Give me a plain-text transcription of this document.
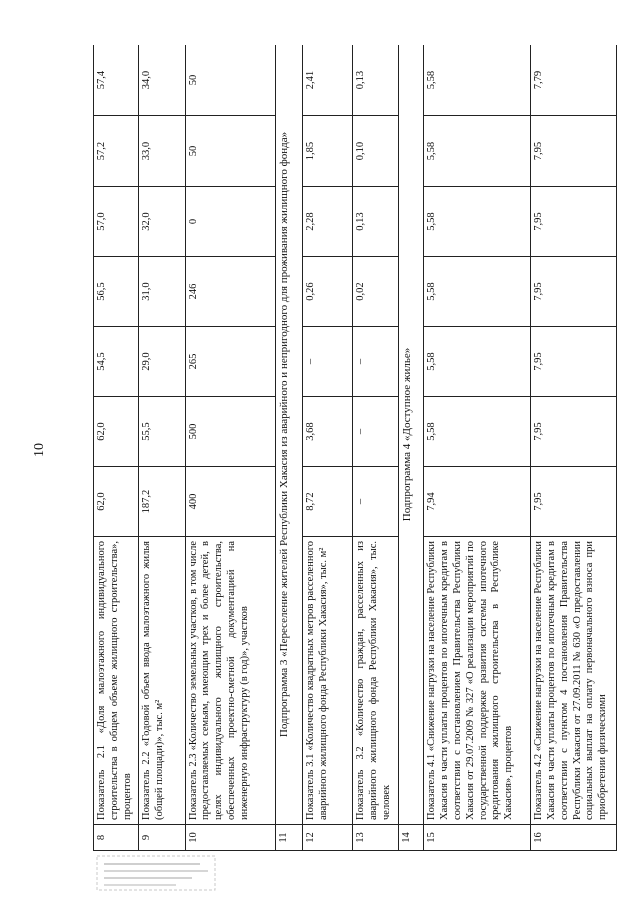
10
8	Показатель 2.1 «Доля малоэтажного индивидуального строительства в общем объеме жилищного строительства», процентов	62,0	62,0	54,5	56,5	57,0	57,2	57,4
9	Показатель 2.2 «Годовой объем ввода малоэтажного жилья (общей площади)», тыс. м²	187,2	55,5	29,0	31,0	32,0	33,0	34,0
10	Показатель 2.3 «Количество земельных участков, в том числе предоставляемых семьям, имеющим трех и более детей, в целях индивидуального жилищного строительства, обеспеченных проектно-сметной документацией на инженерную инфраструктуру (в год)», участков	400	500	265	246	0	50	50
11	Подпрограмма 3 «Переселение жителей Республики Хакасия из аварийного и непригодного для проживания жилищного фонда»							
12	Показатель 3.1 «Количество квадратных метров расселенного аварийного жилищного фонда Республики Хакасия», тыс. м²	8,72	3,68	–	0,26	2,28	1,85	2,41
13	Показатель 3.2 «Количество граждан, расселенных из аварийного жилищного фонда Республики Хакасия», тыс. человек	–	–	–	0,02	0,13	0,10	0,13
14	Подпрограмма 4 «Доступное жилье»							
15	Показатель 4.1 «Снижение нагрузки на население Республики Хакасия в части уплаты процентов по ипотечным кредитам в соответствии с постановлением Правительства Республики Хакасия от 29.07.2009 № 327 «О реализации мероприятий по государственной поддержке развития системы ипотечного кредитования жилищного строительства в Республике Хакасия», процентов	7,94	5,58	5,58	5,58	5,58	5,58	5,58
16	Показатель 4.2 «Снижение нагрузки на население Республики Хакасия в части уплаты процентов по ипотечным кредитам в соответствии с пунктом 4 постановления Правительства Республики Хакасия от 27.09.2011 № 630 «О предоставлении социальных выплат на оплату первоначального взноса при приобретении физическими	7,95	7,95	7,95	7,95	7,95	7,95	7,79
